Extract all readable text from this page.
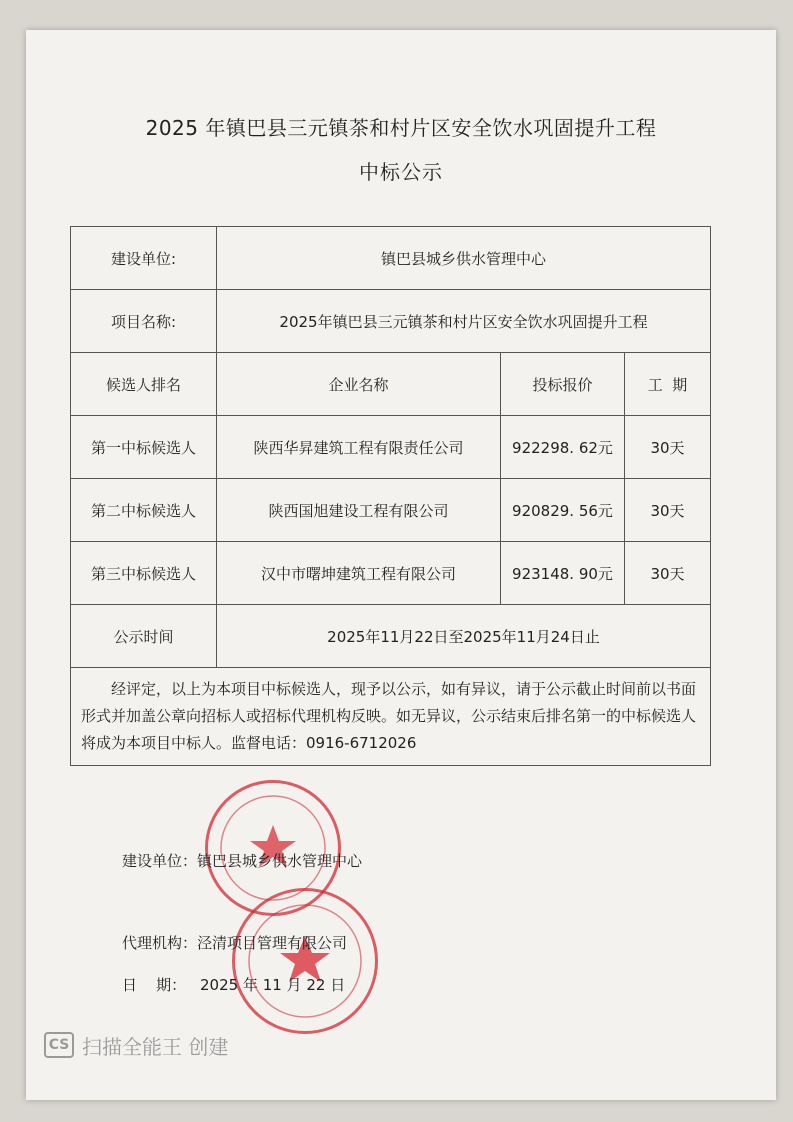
2025 年镇巴县三元镇茶和村片区安全饮水巩固提升工程
中标公示
建设单位:	镇巴县城乡供水管理中心		
项目名称:	2025年镇巴县三元镇茶和村片区安全饮水巩固提升工程		
候选人排名	企业名称	投标报价	工  期
第一中标候选人	陕西华昇建筑工程有限责任公司	922298. 62元	30天
第二中标候选人	陕西国旭建设工程有限公司	920829. 56元	30天
第三中标候选人	汉中市曙坤建筑工程有限公司	923148. 90元	30天
公示时间	2025年11月22日至2025年11月24日止		
经评定，以上为本项目中标候选人，现予以公示，如有异议，请于公示截止时间前以书面形式并加盖公章向招标人或招标代理机构反映。如无异议，公示结束后排名第一的中标候选人将成为本项目中标人。监督电话：0916-6712026			
建设单位：镇巴县城乡供水管理中心
代理机构：泾清项目管理有限公司
日    期： 2025 年 11 月 22 日
CS 扫描全能王 创建
